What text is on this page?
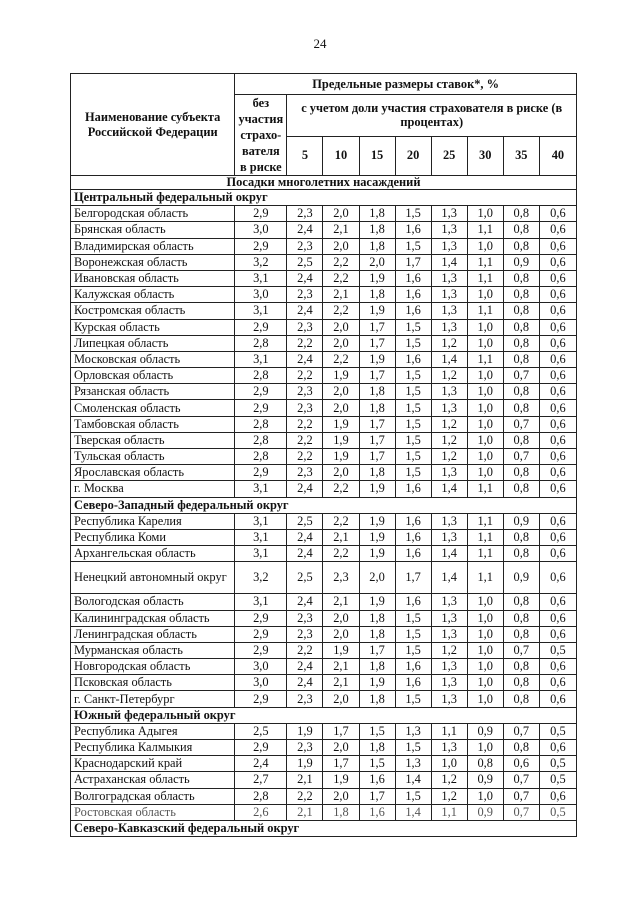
24
Наименование субъекта Российской Федерации	Предельные размеры ставок*, %								
	без участия страхо- вателя в риске	с учетом доли участия страхователя в риске (в процентах)							
		5	10	15	20	25	30	35	40
Посадки многолетних насаждений									
Центральный федеральный округ									
Белгородская область	2,9	2,3	2,0	1,8	1,5	1,3	1,0	0,8	0,6
Брянская область	3,0	2,4	2,1	1,8	1,6	1,3	1,1	0,8	0,6
Владимирская область	2,9	2,3	2,0	1,8	1,5	1,3	1,0	0,8	0,6
Воронежская область	3,2	2,5	2,2	2,0	1,7	1,4	1,1	0,9	0,6
Ивановская область	3,1	2,4	2,2	1,9	1,6	1,3	1,1	0,8	0,6
Калужская область	3,0	2,3	2,1	1,8	1,6	1,3	1,0	0,8	0,6
Костромская область	3,1	2,4	2,2	1,9	1,6	1,3	1,1	0,8	0,6
Курская область	2,9	2,3	2,0	1,7	1,5	1,3	1,0	0,8	0,6
Липецкая область	2,8	2,2	2,0	1,7	1,5	1,2	1,0	0,8	0,6
Московская область	3,1	2,4	2,2	1,9	1,6	1,4	1,1	0,8	0,6
Орловская область	2,8	2,2	1,9	1,7	1,5	1,2	1,0	0,7	0,6
Рязанская область	2,9	2,3	2,0	1,8	1,5	1,3	1,0	0,8	0,6
Смоленская область	2,9	2,3	2,0	1,8	1,5	1,3	1,0	0,8	0,6
Тамбовская область	2,8	2,2	1,9	1,7	1,5	1,2	1,0	0,7	0,6
Тверская область	2,8	2,2	1,9	1,7	1,5	1,2	1,0	0,8	0,6
Тульская область	2,8	2,2	1,9	1,7	1,5	1,2	1,0	0,7	0,6
Ярославская область	2,9	2,3	2,0	1,8	1,5	1,3	1,0	0,8	0,6
г. Москва	3,1	2,4	2,2	1,9	1,6	1,4	1,1	0,8	0,6
Северо-Западный федеральный округ									
Республика Карелия	3,1	2,5	2,2	1,9	1,6	1,3	1,1	0,9	0,6
Республика Коми	3,1	2,4	2,1	1,9	1,6	1,3	1,1	0,8	0,6
Архангельская область	3,1	2,4	2,2	1,9	1,6	1,4	1,1	0,8	0,6
Ненецкий автономный округ	3,2	2,5	2,3	2,0	1,7	1,4	1,1	0,9	0,6
Вологодская область	3,1	2,4	2,1	1,9	1,6	1,3	1,0	0,8	0,6
Калининградская область	2,9	2,3	2,0	1,8	1,5	1,3	1,0	0,8	0,6
Ленинградская область	2,9	2,3	2,0	1,8	1,5	1,3	1,0	0,8	0,6
Мурманская область	2,9	2,2	1,9	1,7	1,5	1,2	1,0	0,7	0,5
Новгородская область	3,0	2,4	2,1	1,8	1,6	1,3	1,0	0,8	0,6
Псковская область	3,0	2,4	2,1	1,9	1,6	1,3	1,0	0,8	0,6
г. Санкт-Петербург	2,9	2,3	2,0	1,8	1,5	1,3	1,0	0,8	0,6
Южный федеральный округ									
Республика Адыгея	2,5	1,9	1,7	1,5	1,3	1,1	0,9	0,7	0,5
Республика Калмыкия	2,9	2,3	2,0	1,8	1,5	1,3	1,0	0,8	0,6
Краснодарский край	2,4	1,9	1,7	1,5	1,3	1,0	0,8	0,6	0,5
Астраханская область	2,7	2,1	1,9	1,6	1,4	1,2	0,9	0,7	0,5
Волгоградская область	2,8	2,2	2,0	1,7	1,5	1,2	1,0	0,7	0,6
Ростовская область	2,6	2,1	1,8	1,6	1,4	1,1	0,9	0,7	0,5
Северо-Кавказский федеральный округ									
